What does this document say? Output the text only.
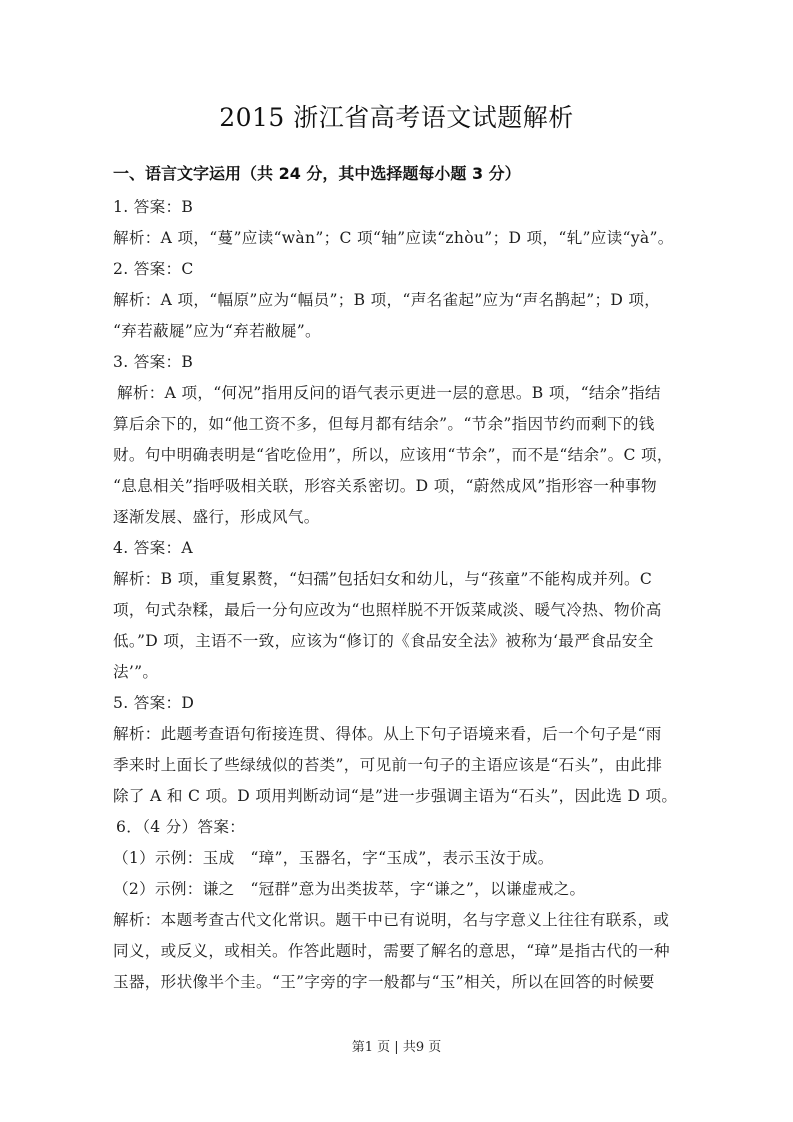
2015 浙江省高考语文试题解析
一、语言文字运用（共 24 分，其中选择题每小题 3 分）
1. 答案：B
解析：A 项，“蔓”应读“wàn”；C 项“轴”应读“zhòu”；D 项，“轧”应读“yà”。
2. 答案：C
解析：A 项，“幅原”应为“幅员”；B 项，“声名雀起”应为“声名鹊起”；D 项，
“弃若蔽屣”应为“弃若敝屣”。
3. 答案：B
解析：A 项，“何况”指用反问的语气表示更进一层的意思。B 项，“结余”指结
算后余下的，如“他工资不多，但每月都有结余”。“节余”指因节约而剩下的钱
财。句中明确表明是“省吃俭用”，所以，应该用“节余”，而不是“结余”。C 项，
“息息相关”指呼吸相关联，形容关系密切。D 项，“蔚然成风”指形容一种事物
逐渐发展、盛行，形成风气。
4. 答案：A
解析：B 项，重复累赘，“妇孺”包括妇女和幼儿，与“孩童”不能构成并列。C
项，句式杂糅，最后一分句应改为“也照样脱不开饭菜咸淡、暖气冷热、物价高
低。”D 项，主语不一致，应该为“修订的《食品安全法》被称为‘最严食品安全
法’”。
5. 答案：D
解析：此题考查语句衔接连贯、得体。从上下句子语境来看，后一个句子是“雨
季来时上面长了些绿绒似的苔类”，可见前一句子的主语应该是“石头”，由此排
除了 A 和 C 项。D 项用判断动词“是”进一步强调主语为“石头”，因此选 D 项。
6．（4 分）答案：
（1）示例：玉成　“璋”，玉器名，字“玉成”，表示玉汝于成。
（2）示例：谦之　“冠群”意为出类拔萃，字“谦之”，以谦虚戒之。
解析：本题考查古代文化常识。题干中已有说明，名与字意义上往往有联系，或
同义，或反义，或相关。作答此题时，需要了解名的意思，“璋”是指古代的一种
玉器，形状像半个圭。“王”字旁的字一般都与“玉”相关，所以在回答的时候要
第1 页 | 共9 页
